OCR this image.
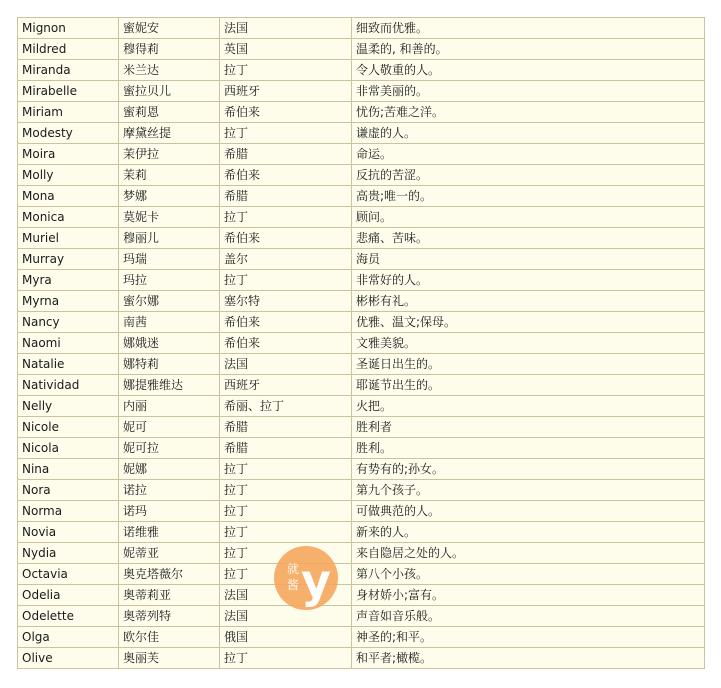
Mignon	蜜妮安	法国	细致而优雅。
Mildred	穆得莉	英国	温柔的, 和善的。
Miranda	米兰达	拉丁	令人敬重的人。
Mirabelle	蜜拉贝儿	西班牙	非常美丽的。
Miriam	蜜莉恩	希伯来	忧伤;苦难之洋。
Modesty	摩黛丝提	拉丁	谦虚的人。
Moira	茉伊拉	希腊	命运。
Molly	茉莉	希伯来	反抗的苦涩。
Mona	梦娜	希腊	高贵;唯一的。
Monica	莫妮卡	拉丁	顾问。
Muriel	穆丽儿	希伯来	悲痛、苦味。
Murray	玛瑞	盖尔	海员
Myra	玛拉	拉丁	非常好的人。
Myrna	蜜尔娜	塞尔特	彬彬有礼。
Nancy	南茜	希伯来	优雅、温文;保母。
Naomi	娜娥迷	希伯来	文雅美貌。
Natalie	娜特莉	法国	圣诞日出生的。
Natividad	娜提雅维达	西班牙	耶诞节出生的。
Nelly	内丽	希丽、拉丁	火把。
Nicole	妮可	希腊	胜利者
Nicola	妮可拉	希腊	胜利。
Nina	妮娜	拉丁	有势有的;孙女。
Nora	诺拉	拉丁	第九个孩子。
Norma	诺玛	拉丁	可做典范的人。
Novia	诺维雅	拉丁	新来的人。
Nydia	妮蒂亚	拉丁	来自隐居之处的人。
Octavia	奥克塔薇尔	拉丁	第八个小孩。
Odelia	奥蒂莉亚	法国	身材娇小;富有。
Odelette	奥蒂列特	法国	声音如音乐般。
Olga	欧尔佳	俄国	神圣的;和平。
Olive	奥丽芙	拉丁	和平者;橄榄。
就
酱 y
